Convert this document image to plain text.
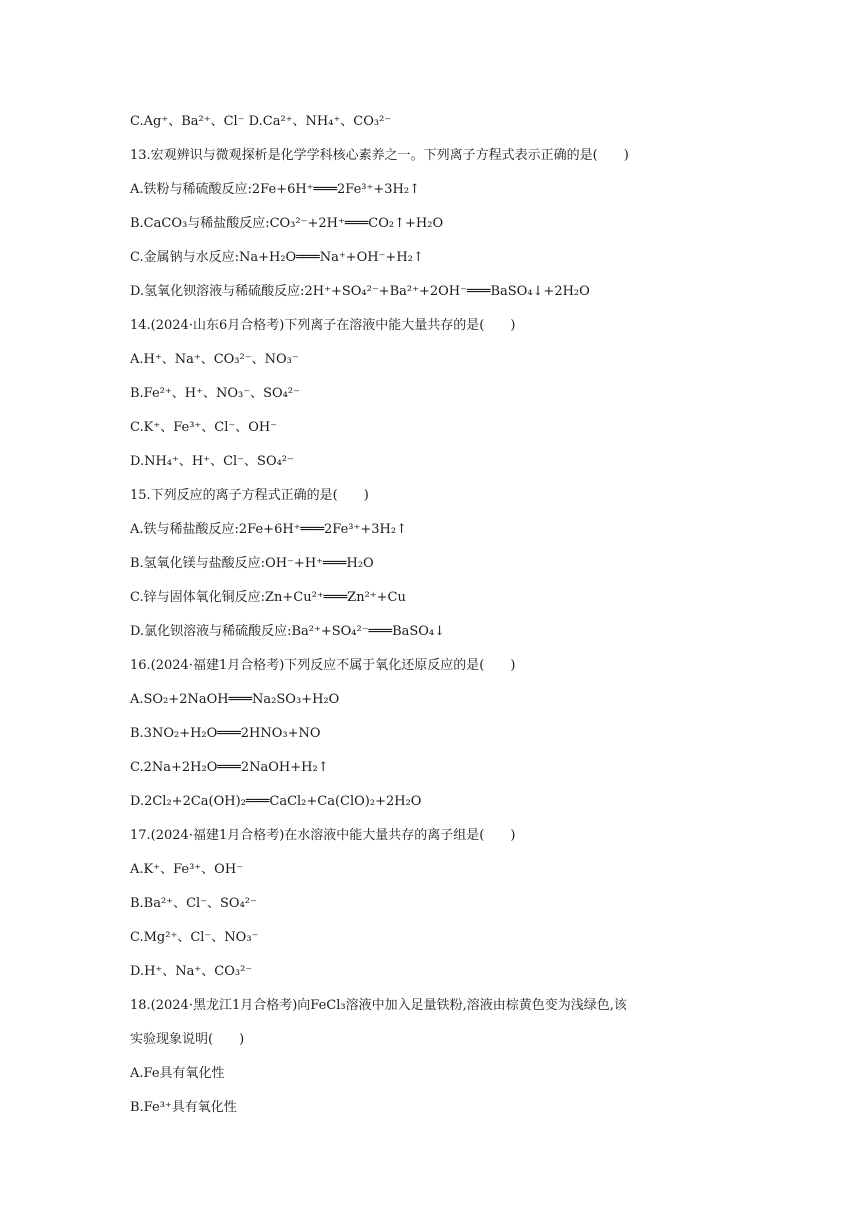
C.Ag⁺、Ba²⁺、Cl⁻ D.Ca²⁺、NH₄⁺、CO₃²⁻
13.宏观辨识与微观探析是化学学科核心素养之一。下列离子方程式表示正确的是(　　)
A.铁粉与稀硫酸反应:2Fe+6H⁺═══2Fe³⁺+3H₂↑
B.CaCO₃与稀盐酸反应:CO₃²⁻+2H⁺═══CO₂↑+H₂O
C.金属钠与水反应:Na+H₂O═══Na⁺+OH⁻+H₂↑
D.氢氧化钡溶液与稀硫酸反应:2H⁺+SO₄²⁻+Ba²⁺+2OH⁻═══BaSO₄↓+2H₂O
14.(2024·山东6月合格考)下列离子在溶液中能大量共存的是(　　)
A.H⁺、Na⁺、CO₃²⁻、NO₃⁻
B.Fe²⁺、H⁺、NO₃⁻、SO₄²⁻
C.K⁺、Fe³⁺、Cl⁻、OH⁻
D.NH₄⁺、H⁺、Cl⁻、SO₄²⁻
15.下列反应的离子方程式正确的是(　　)
A.铁与稀盐酸反应:2Fe+6H⁺═══2Fe³⁺+3H₂↑
B.氢氧化镁与盐酸反应:OH⁻+H⁺═══H₂O
C.锌与固体氧化铜反应:Zn+Cu²⁺═══Zn²⁺+Cu
D.氯化钡溶液与稀硫酸反应:Ba²⁺+SO₄²⁻═══BaSO₄↓
16.(2024·福建1月合格考)下列反应不属于氧化还原反应的是(　　)
A.SO₂+2NaOH═══Na₂SO₃+H₂O
B.3NO₂+H₂O═══2HNO₃+NO
C.2Na+2H₂O═══2NaOH+H₂↑
D.2Cl₂+2Ca(OH)₂═══CaCl₂+Ca(ClO)₂+2H₂O
17.(2024·福建1月合格考)在水溶液中能大量共存的离子组是(　　)
A.K⁺、Fe³⁺、OH⁻
B.Ba²⁺、Cl⁻、SO₄²⁻
C.Mg²⁺、Cl⁻、NO₃⁻
D.H⁺、Na⁺、CO₃²⁻
18.(2024·黑龙江1月合格考)向FeCl₃溶液中加入足量铁粉,溶液由棕黄色变为浅绿色,该
实验现象说明(　　)
A.Fe具有氧化性
B.Fe³⁺具有氧化性
